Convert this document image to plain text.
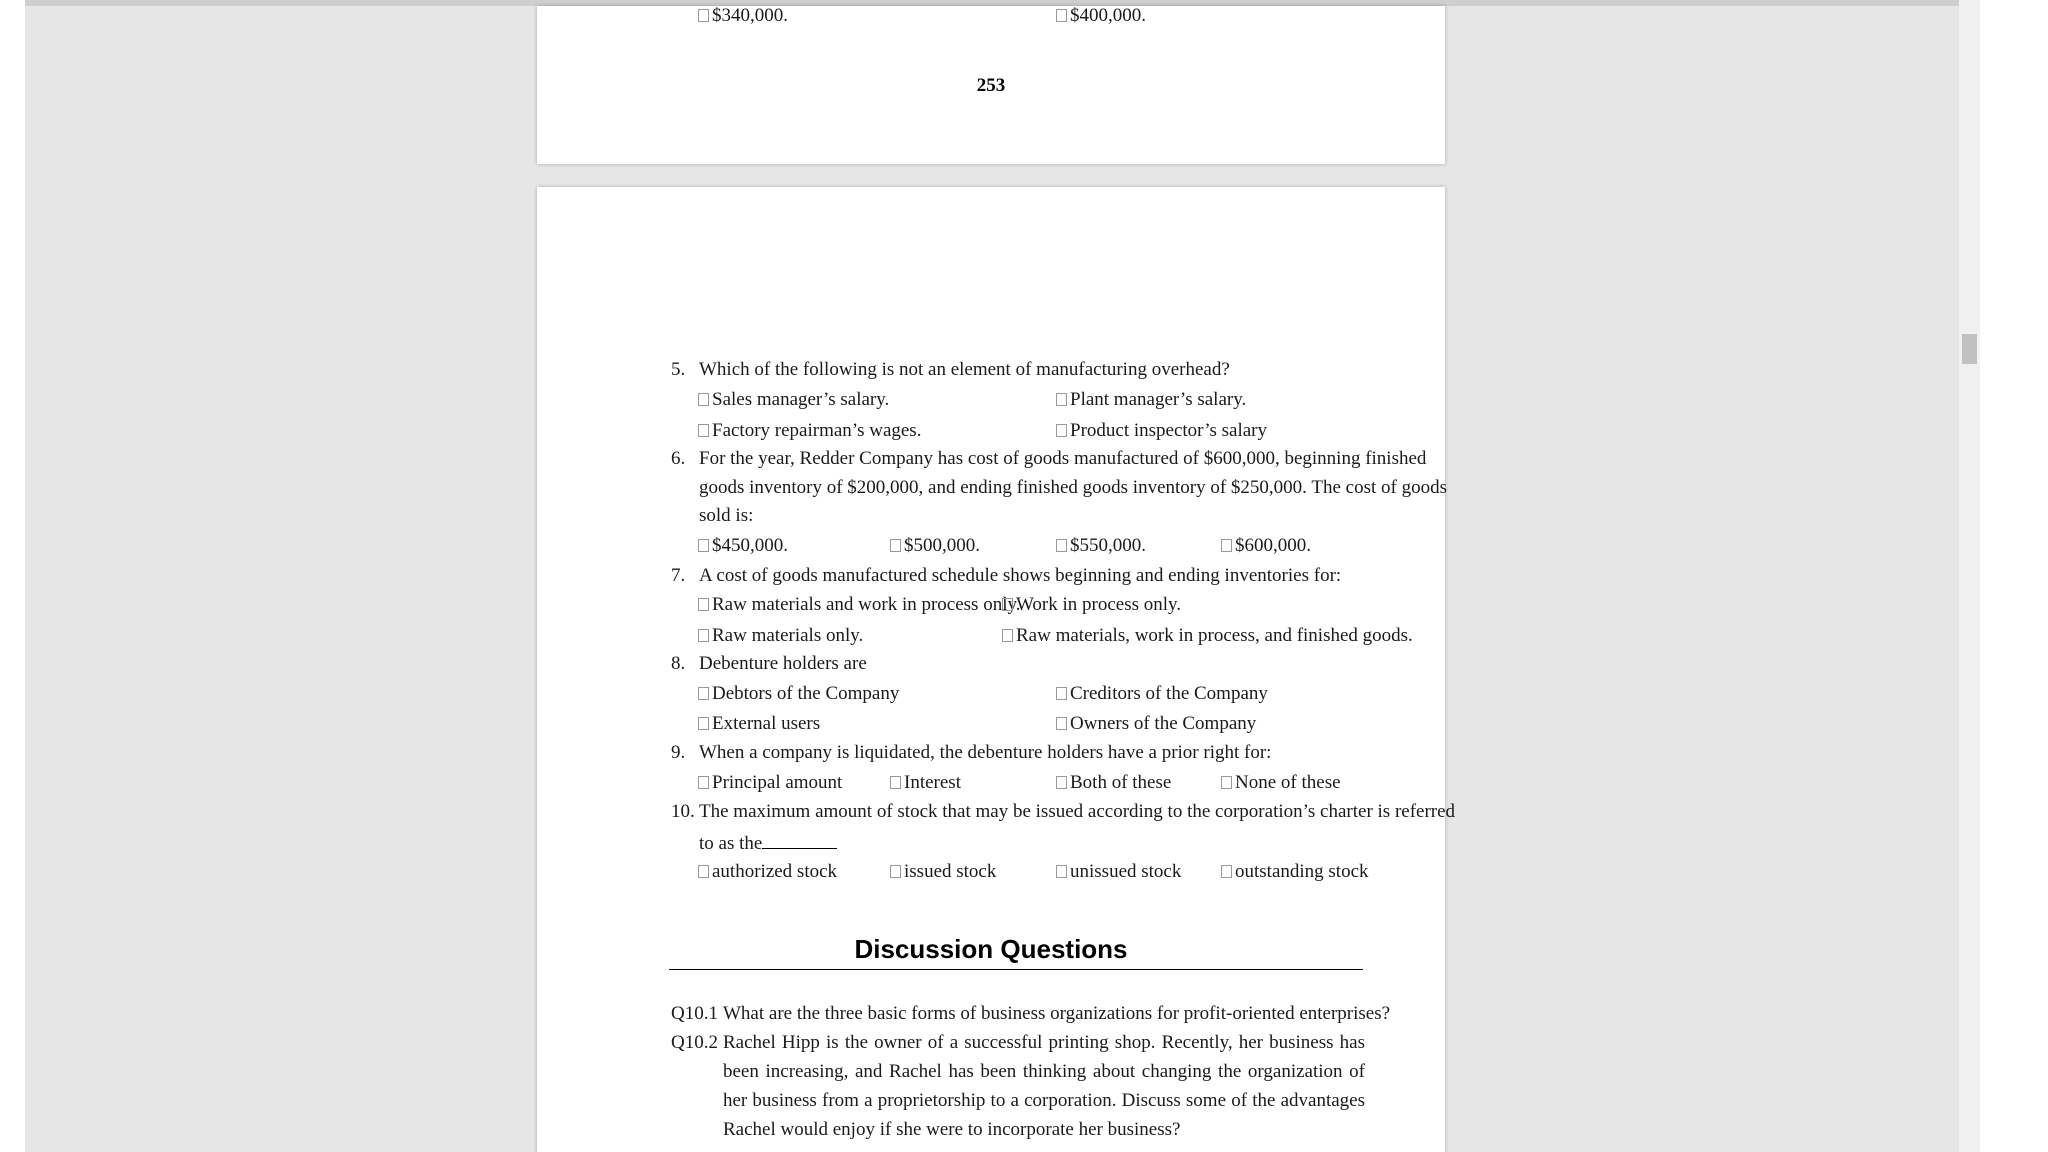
$340,000.	$400,000.
253
5. Which of the following is not an element of manufacturing overhead?
Sales manager’s salary.	Plant manager’s salary.
Factory repairman’s wages.	Product inspector’s salary
6. For the year, Redder Company has cost of goods manufactured of $600,000, beginning finished
goods inventory of $200,000, and ending finished goods inventory of $250,000. The cost of goods
sold is:
$450,000.	$500,000.	$550,000.	$600,000.
7. A cost of goods manufactured schedule shows beginning and ending inventories for:
Raw materials and work in process only.
Work in process only.
Raw materials only.	Raw materials, work in process, and finished goods.
8. Debenture holders are
Debtors of the Company	Creditors of the Company
External users	Owners of the Company
9. When a company is liquidated, the debenture holders have a prior right for:
Principal amount	Interest	Both of these	None of these
10. The maximum amount of stock that may be issued according to the corporation’s charter is referred
to as the
authorized stock	issued stock	unissued stock	outstanding stock
Discussion Questions
Q10.1 What are the three basic forms of business organizations for profit-oriented enterprises?
Q10.2 Rachel Hipp is the owner of a successful printing shop. Recently, her business has been increasing, and Rachel has been thinking about changing the organization of her business from a proprietorship to a corporation. Discuss some of the advantages Rachel would enjoy if she were to incorporate her business?
